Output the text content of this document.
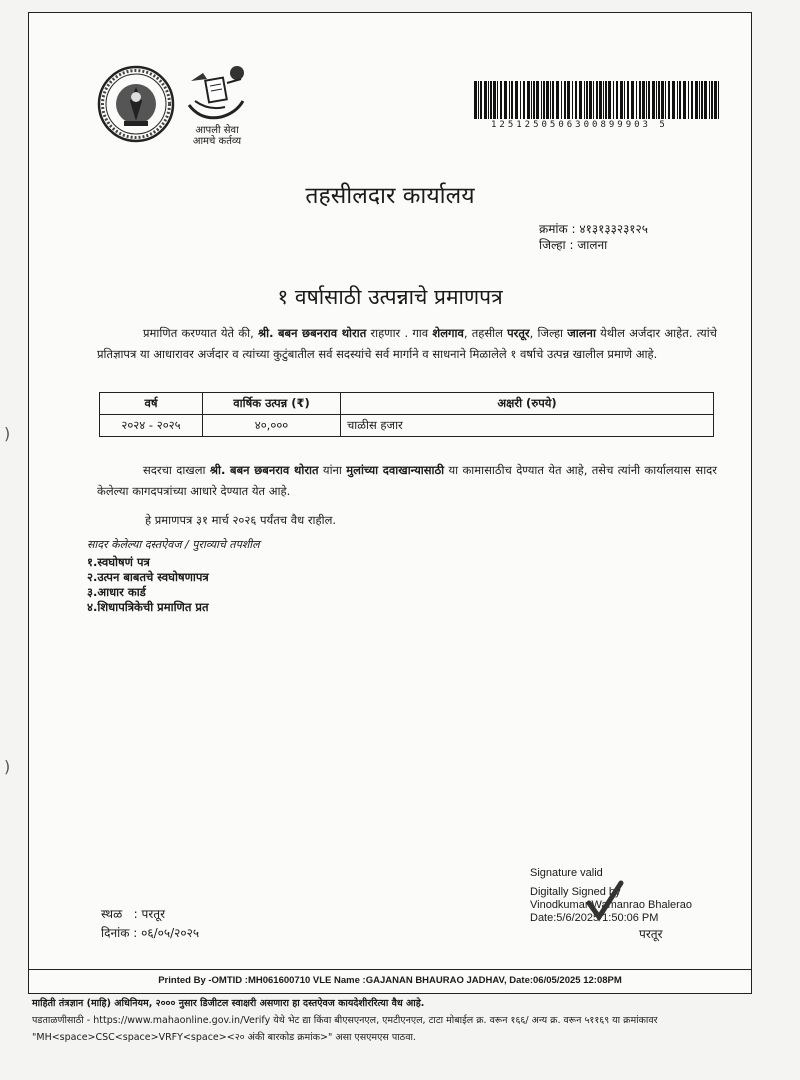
)
)
आपली सेवा
आमचे कर्तव्य
1251250506300899903 5
तहसीलदार कार्यालय
क्रमांक : ४१३१३३२३१२५
जिल्हा : जालना
१ वर्षासाठी उत्पन्नाचे प्रमाणपत्र
प्रमाणित करण्यात येते की, श्री. बबन छबनराव थोरात राहणार . गाव शेलगाव, तहसील परतूर, जिल्हा जालना येथील अर्जदार आहेत. त्यांचे प्रतिज्ञापत्र या आधारावर अर्जदार व त्यांच्या कुटुंबातील सर्व सदस्यांचे सर्व मार्गाने व साधनाने मिळालेले १ वर्षाचे उत्पन्न खालील प्रमाणे आहे.
वर्ष	वार्षिक उत्पन्न (₹)	अक्षरी (रुपये)
२०२४ - २०२५	४०,०००	चाळीस हजार
सदरचा दाखला श्री. बबन छबनराव थोरात यांना मुलांच्या दवाखान्यासाठी या कामासाठीच देण्यात येत आहे, तसेच त्यांनी कार्यालयास सादर केलेल्या कागदपत्रांच्या आधारे देण्यात येत आहे.
हे प्रमाणपत्र ३१ मार्च २०२६ पर्यंतच वैध राहील.
सादर केलेल्या दस्तऐवज / पुराव्याचे तपशील
१.स्वघोषणं पत्र
२.उत्पन बाबतचे स्वघोषणापत्र
३.आधार कार्ड
४.शिधापत्रिकेची प्रमाणित प्रत
Signature valid
Digitally Signed by
Vinodkumar Wamanrao Bhalerao
Date:5/6/2025 1:50:06 PM
परतूर
स्थळ   : परतूर
दिनांक : ०६/०५/२०२५
Printed By -OMTID :MH061600710 VLE Name :GAJANAN BHAURAO JADHAV, Date:06/05/2025 12:08PM
माहिती तंत्रज्ञान (माहि) अधिनियम, २००० नुसार डिजीटल स्वाक्षरी असणारा हा दस्तऐवज कायदेशीररित्या वैध आहे.
पडताळणीसाठी - https://www.mahaonline.gov.in/Verify येथे भेट द्या किंवा बीएसएनएल, एमटीएनएल, टाटा मोबाईल क्र. वरून १६६/ अन्य क्र. वरून ५११६९ या क्रमांकावर
"MH<space>CSC<space>VRFY<space><२० अंकी बारकोड क्रमांक>" असा एसएमएस पाठवा.
